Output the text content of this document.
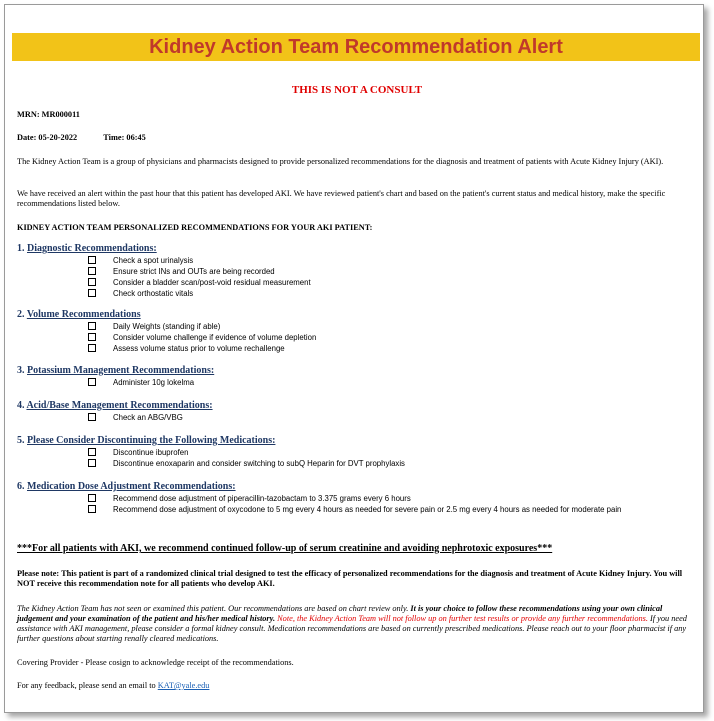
Kidney Action Team Recommendation Alert
THIS IS NOT A CONSULT
MRN: MR000011
Date: 05-20-2022	Time: 06:45
The Kidney Action Team is a group of physicians and pharmacists designed to provide personalized recommendations for the diagnosis and treatment of patients with Acute Kidney Injury (AKI).
We have received an alert within the past hour that this patient has developed AKI. We have reviewed patient's chart and based on the patient's current status and medical history, make the specific recommendations listed below.
KIDNEY ACTION TEAM PERSONALIZED RECOMMENDATIONS FOR YOUR AKI PATIENT:
1. Diagnostic Recommendations:
Check a spot urinalysis
Ensure strict INs and OUTs are being recorded
Consider a bladder scan/post-void residual measurement
Check orthostatic vitals
2. Volume Recommendations
Daily Weights (standing if able)
Consider volume challenge if evidence of volume depletion
Assess volume status prior to volume rechallenge
3. Potassium Management Recommendations:
Administer 10g lokelma
4. Acid/Base Management Recommendations:
Check an ABG/VBG
5. Please Consider Discontinuing the Following Medications:
Discontinue ibuprofen
Discontinue enoxaparin and consider switching to subQ Heparin for DVT prophylaxis
6. Medication Dose Adjustment Recommendations:
Recommend dose adjustment of piperacillin-tazobactam to 3.375 grams every 6 hours
Recommend dose adjustment of oxycodone to 5 mg every 4 hours as needed for severe pain or 2.5 mg every 4 hours as needed for moderate pain
***For all patients with AKI, we recommend continued follow-up of serum creatinine and avoiding nephrotoxic exposures***
Please note: This patient is part of a randomized clinical trial designed to test the efficacy of personalized recommendations for the diagnosis and treatment of Acute Kidney Injury. You will NOT receive this recommendation note for all patients who develop AKI.
The Kidney Action Team has not seen or examined this patient. Our recommendations are based on chart review only. It is your choice to follow these recommendations using your own clinical judgement and your examination of the patient and his/her medical history. Note, the Kidney Action Team will not follow up on further test results or provide any further recommendations. If you need assistance with AKI management, please consider a formal kidney consult. Medication recommendations are based on currently prescribed medications. Please reach out to your floor pharmacist if any further questions about starting renally cleared medications.
Covering Provider - Please cosign to acknowledge receipt of the recommendations.
For any feedback, please send an email to KAT@yale.edu
